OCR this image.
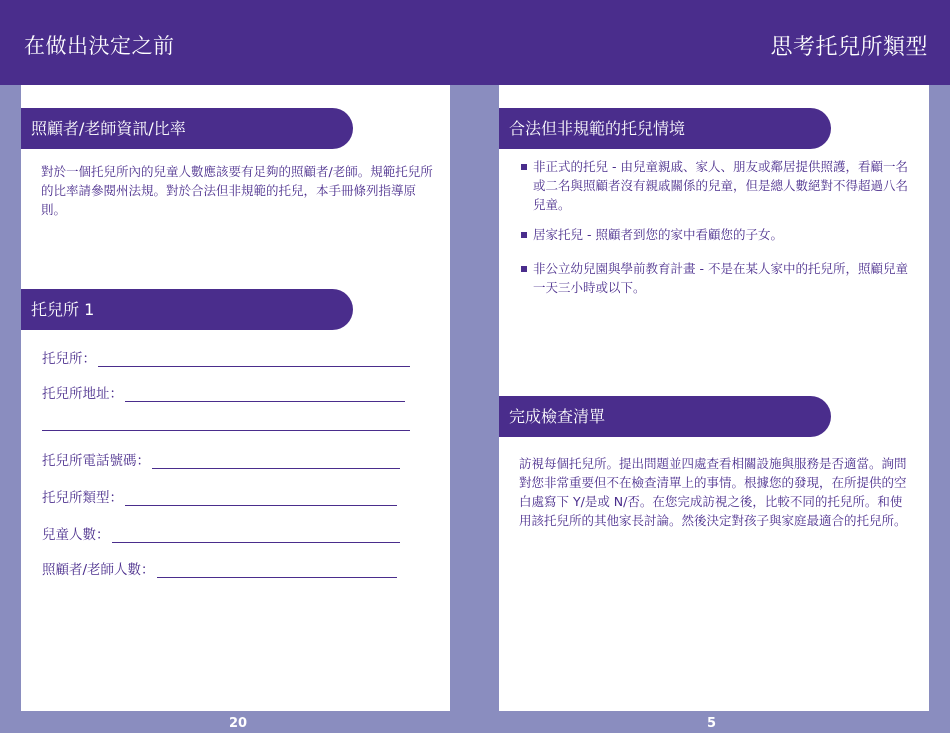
在做出決定之前	思考托兒所類型
照顧者/老師資訊/比率
對於一個托兒所內的兒童人數應該要有足夠的照顧者/老師。規範托兒所的比率請參閱州法規。對於合法但非規範的托兒，本手冊條列指導原則。
托兒所 1
托兒所：
托兒所地址：
托兒所電話號碼：
托兒所類型：
兒童人數：
照顧者/老師人數：
合法但非規範的托兒情境
非正式的托兒 - 由兒童親戚、家人、朋友或鄰居提供照護，看顧一名或二名與照顧者沒有親戚關係的兒童，但是總人數絕對不得超過八名兒童。
居家托兒 - 照顧者到您的家中看顧您的子女。
非公立幼兒園與學前教育計畫 - 不是在某人家中的托兒所，照顧兒童一天三小時或以下。
完成檢查清單
訪視每個托兒所。提出問題並四處查看相關設施與服務是否適當。詢問對您非常重要但不在檢查清單上的事情。根據您的發現，在所提供的空白處寫下 Y/是或 N/否。在您完成訪視之後，比較不同的托兒所。和使用該托兒所的其他家長討論。然後決定對孩子與家庭最適合的托兒所。
20	5
